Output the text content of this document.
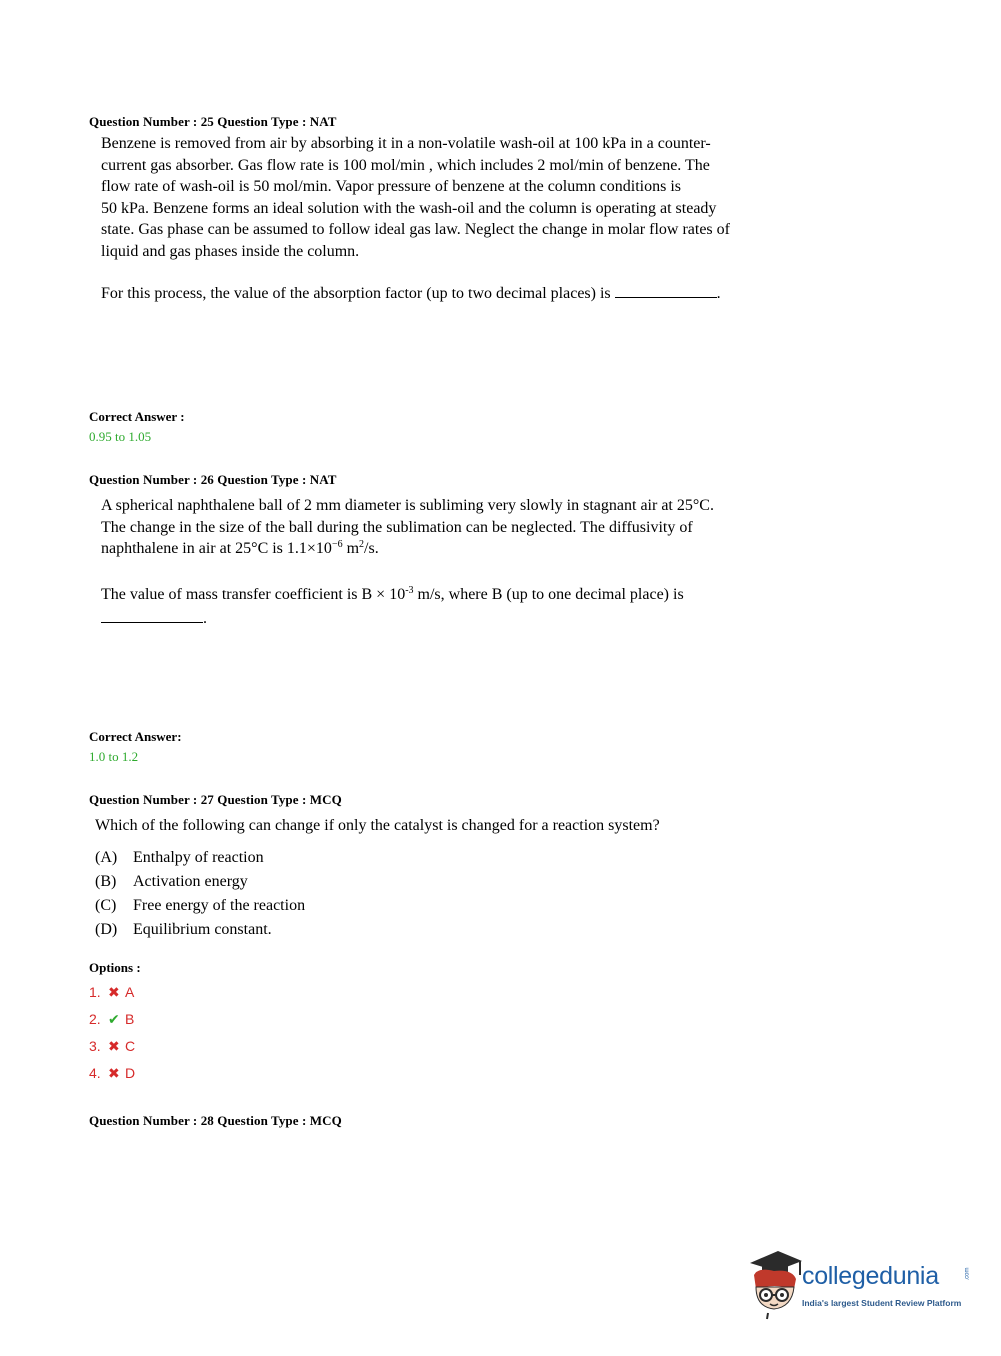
Question Number : 25 Question Type : NAT
Benzene is removed from air by absorbing it in a non-volatile wash-oil at 100 kPa in a counter-
current gas absorber. Gas flow rate is 100 mol/min , which includes 2 mol/min of benzene. The
flow rate of wash-oil is 50 mol/min. Vapor pressure of benzene at the column conditions is
50 kPa. Benzene forms an ideal solution with the wash-oil and the column is operating at steady
state. Gas phase can be assumed to follow ideal gas law. Neglect the change in molar flow rates of
liquid and gas phases inside the column.
For this process, the value of the absorption factor (up to two decimal places) is	.
Correct Answer :
0.95 to 1.05
Question Number : 26 Question Type : NAT
A spherical naphthalene ball of 2 mm diameter is subliming very slowly in stagnant air at 25°C.
The change in the size of the ball during the sublimation can be neglected. The diffusivity of
naphthalene in air at 25°C is $1.1\times 10^{-6}$ $m^2/s$.
The value of mass transfer coefficient is $B \times 10^{-3}$ m/s, where B (up to one decimal place) is
.
Correct Answer:
1.0 to 1.2
Question Number : 27 Question Type : MCQ
Which of the following can change if only the catalyst is changed for a reaction system?
(A) Enthalpy of reaction
(B) Activation energy
(C) Free energy of the reaction
(D) Equilibrium constant.
Options :
1. ✖ A
2. ✔ B
3. ✖ C
4. ✖ D
Question Number : 28 Question Type : MCQ
collegedunia	.com
India's largest Student Review Platform
